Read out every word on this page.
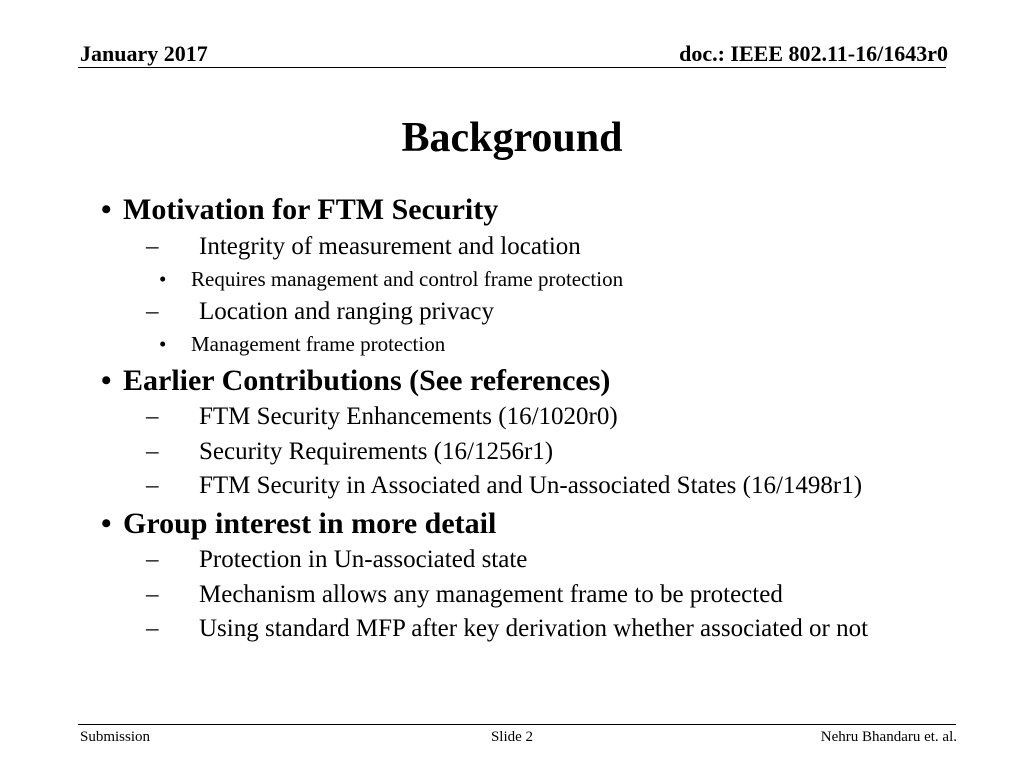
January 2017	doc.: IEEE 802.11-16/1643r0
Background
• Motivation for FTM Security
– Integrity of measurement and location
• Requires management and control frame protection
– Location and ranging privacy
• Management frame protection
• Earlier Contributions (See references)
– FTM Security Enhancements (16/1020r0)
– Security Requirements (16/1256r1)
– FTM Security in Associated and Un-associated States (16/1498r1)
• Group interest in more detail
– Protection in Un-associated state
– Mechanism allows any management frame to be protected
– Using standard MFP after key derivation whether associated or not
Submission	Slide 2	Nehru Bhandaru et. al.
